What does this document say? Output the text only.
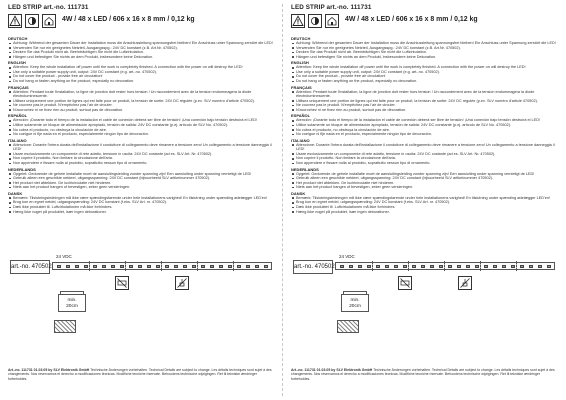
LED STRIP art.-no. 111731
4W / 48 x LED / 606 x 16 x 8 mm / 0,12 kg
DEUTSCH
Achtung: Während der gesamten Dauer der Installation muss die Anschlussleitung spannungsfrei bleiben! Ein Anschluss unter Spannung zerstört die LED!
Verwenden Sie nur ein geeignetes Netzteil, Ausgangsspg.: 24V DC konstant (z.B. Art.Nr. 470502).
Decken Sie das Produkt nicht ab. Beeinträchtigen Sie nicht die Luftzirkulation.
Hängen und befestigen Sie nichts an dem Produkt, insbesondere keine Dekoration.
ENGLISH
Attention: Keep the whole installation off power until the work is completely finished. A connection with the power on will destroy the LED!
Use only a suitable power supply unit, output: 24V DC constant (e.g. art.-no. 470502).
Do not cover the product - provide free air circulation!
Do not hang or fasten anything on the product, especially no decoration.
FRANÇAIS
Attention: Pendant toute l'installation, la ligne de jonction doit rester hors tension ! Un raccordement avec de la tension endommagera la diode électroluminescente.
Utilisez uniquement une portion de lignes qui est faite pour ce produit, la tension de sortie: 24V DC régulée (p.ex. SLV numéro d'article 470502).
Ne couvrez pas le produit. N'empêchez pas l'air de circuler.
N'accrochez ni ne fixez rien au produit, surtout pas de décoration.
ESPAÑOL
Atención: ¡Durante todo el tiempo de la instalación el cable de conexión deberá ser libre de tensión! ¡Una conexión bajo tensión destruirá el LED!
Utilice solamente un bloque de alimentación apropiado, tensión de salida: 24V DC constante (p.ej. artículo de SLV No. 470502).
No cubra el producto, no obstruya la circulación de aire.
No cuelgue ni fije nada en el producto, especialmente ningún tipo de decoración.
ITALIANO
Attenzione: Durante l'intera durata dell'installazione il conduttore di collegamento deve rimanere a tensione zero! Un collegamento a tensione danneggia il LED!
Usare esclusivamente un componente di rete adatto, tensione in uscita: 24V DC costante (ad es. SLV Art. Nr. 470502).
Non coprire il prodotto. Non limitare la circolazione dell'aria.
Non appendere e fissare nulla al prodotto, soprattutto nessun tipo di ornamento.
NEDERLANDS
Opgelet: Gedurende de gehele installatie moet de aansluitingsleiding zonder spanning zijn! Een aansluiting onder spanning vernietigt de LED!
Gebruik alleen een geschikte netdeel, uitgangsspanning: 24V DC constant (bijvoorbeeld SLV artikelnummer 470502).
Het product niet afdekken. De luchtcirculatie niet hinderen.
Niets aan het product hangen of bevestigen, zeker geen versieringen.
DANSK
Bemærk: Tilslutningsledningen må ikke være spændingsførende under hele installationens varighed! En tilslutning under spænding ødelægger LED'en!
Brug kun en egnet netdel, udgangsspænding: 24V DC konstant (f.eks. SLV Art. nr. 470502).
Dæk ikke produktet til. Luftcirkulationen må ikke forhindres.
Hæng ikke noget på produktet, især ingen dekorationer.
art.-no. 470502
24 VDC
min.
20cm
Art.-no. 111731 01.03.05 by SLV Elektronik GmbH Technische Änderungen vorbehalten. Technical Details are subject to change. Les détails techniques sont sujet à des changements. Nos reservamos el derecho a modificaciones técnicas. Modifiche tecniche riservate. Behoudens technische wijzigingen. Ret til tekniske ændringer forbeholdes.
LED STRIP art.-no. 111731
4W / 48 x LED / 606 x 16 x 8 mm / 0,12 kg
DEUTSCH
Achtung: Während der gesamten Dauer der Installation muss die Anschlussleitung spannungsfrei bleiben! Ein Anschluss unter Spannung zerstört die LED!
Verwenden Sie nur ein geeignetes Netzteil, Ausgangsspg.: 24V DC konstant (z.B. Art.Nr. 470502).
Decken Sie das Produkt nicht ab. Beeinträchtigen Sie nicht die Luftzirkulation.
Hängen und befestigen Sie nichts an dem Produkt, insbesondere keine Dekoration.
ENGLISH
Attention: Keep the whole installation off power until the work is completely finished. A connection with the power on will destroy the LED!
Use only a suitable power supply unit, output: 24V DC constant (e.g. art.-no. 470502).
Do not cover the product - provide free air circulation!
Do not hang or fasten anything on the product, especially no decoration.
FRANÇAIS
Attention: Pendant toute l'installation, la ligne de jonction doit rester hors tension ! Un raccordement avec de la tension endommagera la diode électroluminescente.
Utilisez uniquement une portion de lignes qui est faite pour ce produit, la tension de sortie: 24V DC régulée (p.ex. SLV numéro d'article 470502).
Ne couvrez pas le produit. N'empêchez pas l'air de circuler.
N'accrochez ni ne fixez rien au produit, surtout pas de décoration.
ESPAÑOL
Atención: ¡Durante todo el tiempo de la instalación el cable de conexión deberá ser libre de tensión! ¡Una conexión bajo tensión destruirá el LED!
Utilice solamente un bloque de alimentación apropiado, tensión de salida: 24V DC constante (p.ej. artículo de SLV No. 470502).
No cubra el producto, no obstruya la circulación de aire.
No cuelgue ni fije nada en el producto, especialmente ningún tipo de decoración.
ITALIANO
Attenzione: Durante l'intera durata dell'installazione il conduttore di collegamento deve rimanere a tensione zero! Un collegamento a tensione danneggia il LED!
Usare esclusivamente un componente di rete adatto, tensione in uscita: 24V DC costante (ad es. SLV Art. Nr. 470502).
Non coprire il prodotto. Non limitare la circolazione dell'aria.
Non appendere e fissare nulla al prodotto, soprattutto nessun tipo di ornamento.
NEDERLANDS
Opgelet: Gedurende de gehele installatie moet de aansluitingsleiding zonder spanning zijn! Een aansluiting onder spanning vernietigt de LED!
Gebruik alleen een geschikte netdeel, uitgangsspanning: 24V DC constant (bijvoorbeeld SLV artikelnummer 470502).
Het product niet afdekken. De luchtcirculatie niet hinderen.
Niets aan het product hangen of bevestigen, zeker geen versieringen.
DANSK
Bemærk: Tilslutningsledningen må ikke være spændingsførende under hele installationens varighed! En tilslutning under spænding ødelægger LED'en!
Brug kun en egnet netdel, udgangsspænding: 24V DC konstant (f.eks. SLV Art. nr. 470502).
Dæk ikke produktet til. Luftcirkulationen må ikke forhindres.
Hæng ikke noget på produktet, især ingen dekorationer.
art.-no. 470502
24 VDC
min.
20cm
Art.-no. 111731 01.03.05 by SLV Elektronik GmbH Technische Änderungen vorbehalten. Technical Details are subject to change. Les détails techniques sont sujet à des changements. Nos reservamos el derecho a modificaciones técnicas. Modifiche tecniche riservate. Behoudens technische wijzigingen. Ret til tekniske ændringer forbeholdes.
